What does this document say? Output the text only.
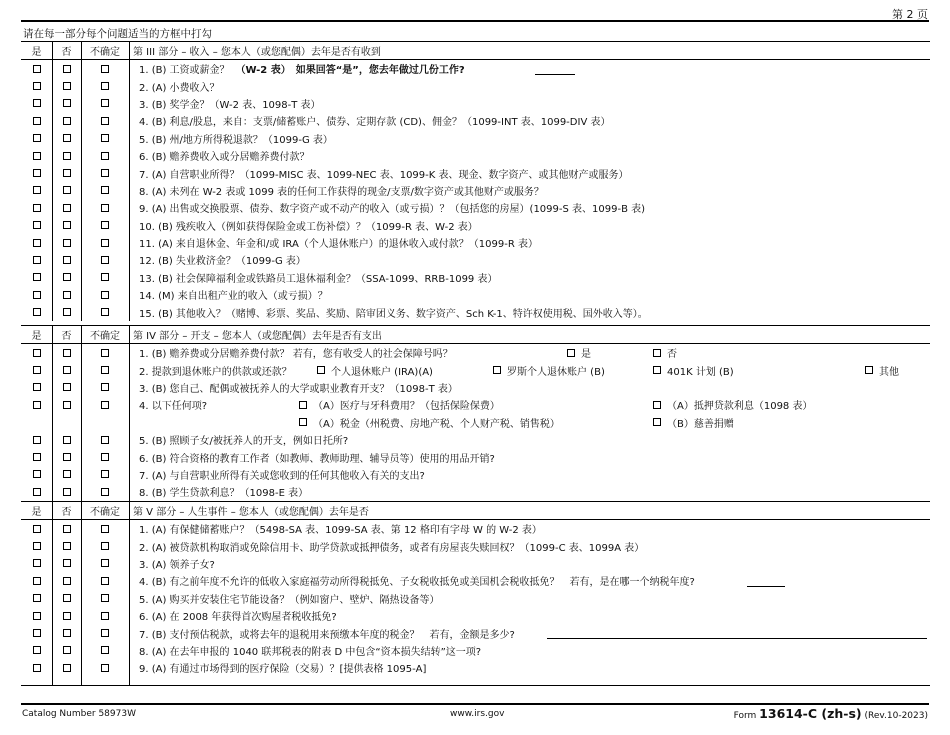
第 2 页
请在每一部分每个问题适当的方框中打勾
是	否	不确定	第 III 部分 – 收入 – 您本人（或您配偶）去年是否有收到
1. (B) 工资或薪金？ （W-2 表）　如果回答“是”，您去年做过几份工作?
2. (A) 小费收入？
3. (B) 奖学金？（W-2 表、1098-T 表）
4. (B) 利息/股息，来自：支票/储蓄账户、债券、定期存款 (CD)、佣金？（1099-INT 表、1099-DIV 表）
5. (B) 州/地方所得税退款？（1099-G 表）
6. (B) 赡养费收入或分居赡养费付款？
7. (A) 自营职业所得？（1099-MISC 表、1099-NEC 表、1099-K 表、现金、数字资产、或其他财产或服务）
8. (A) 未列在 W-2 表或 1099 表的任何工作获得的现金/支票/数字资产或其他财产或服务？
9. (A) 出售或交换股票、债券、数字资产或不动产的收入（或亏损）？（包括您的房屋）(1099-S 表、1099-B 表)
10. (B) 残疾收入（例如获得保险金或工伤补偿）？（1099-R 表、W-2 表）
11. (A) 来自退休金、年金和/或 IRA（个人退休账户）的退休收入或付款？（1099-R 表）
12. (B) 失业救济金？（1099-G 表）
13. (B) 社会保障福利金或铁路员工退休福利金？（SSA-1099、RRB-1099 表）
14. (M) 来自出租产业的收入（或亏损）？
15. (B) 其他收入？（赌博、彩票、奖品、奖励、陪审团义务、数字资产、Sch K-1、特许权使用税、国外收入等）。
是	否	不确定	第 IV 部分 – 开支 – 您本人（或您配偶）去年是否有支出
1. (B) 赡养费或分居赡养费付款？ 若有，您有收受人的社会保障号吗？	是	否
2. 提款到退休账户的供款或还款？	个人退休账户 (IRA)(A)	罗斯个人退休账户 (B)	401K 计划 (B)	其他
3. (B) 您自己、配偶或被抚养人的大学或职业教育开支？（1098-T 表）
4. 以下任何项?	（A）医疗与牙科费用？（包括保险保费）	（A）抵押贷款利息（1098 表）
（A）税金（州税费、房地产税、个人财产税、销售税）	（B）慈善捐赠
5. (B) 照顾子女/被抚养人的开支，例如日托所?
6. (B) 符合资格的教育工作者（如教师、教师助理、辅导员等）使用的用品开销?
7. (A) 与自营职业所得有关或您收到的任何其他收入有关的支出?
8. (B) 学生贷款利息？（1098-E 表）
是	否	不确定	第 V 部分 – 人生事件 – 您本人（或您配偶）去年是否
1. (A) 有保健储蓄账户？（5498-SA 表、1099-SA 表、第 12 格印有字母 W 的 W-2 表）
2. (A) 被贷款机构取消或免除信用卡、助学贷款或抵押债务，或者有房屋丧失赎回权？（1099-C 表、1099A 表）
3. (A) 领养子女?
4. (B) 有之前年度不允许的低收入家庭福劳动所得税抵免、子女税收抵免或美国机会税收抵免？　若有，是在哪一个纳税年度?
5. (A) 购买并安装住宅节能设备？（例如窗户、壁炉、隔热设备等）
6. (A) 在 2008 年获得首次购屋者税收抵免?
7. (B) 支付预估税款，或将去年的退税用来预缴本年度的税金？　若有，金额是多少?
8. (A) 在去年申报的 1040 联邦税表的附表 D 中包含“资本损失结转”这一项?
9. (A) 有通过市场得到的医疗保险（交易）？[提供表格 1095-A]
Catalog Number 58973W	www.irs.gov	Form 13614-C (zh-s) (Rev.10-2023)
